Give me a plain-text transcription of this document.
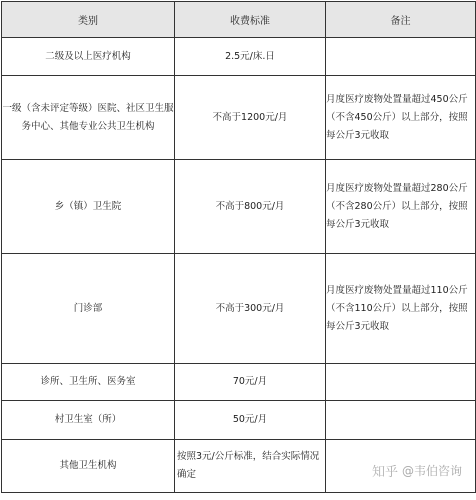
类别	收费标准	备注
二级及以上医疗机构	2.5元/床.日	
一级（含未评定等级）医院、社区卫生服务中心、其他专业公共卫生机构	不高于1200元/月	月度医疗废物处置量超过450公斤（不含450公斤）以上部分，按照每公斤3元收取
乡（镇）卫生院	不高于800元/月	月度医疗废物处置量超过280公斤（不含280公斤）以上部分，按照每公斤3元收取
门诊部	不高于300元/月	月度医疗废物处置量超过110公斤（不含110公斤）以上部分，按照每公斤3元收取
诊所、卫生所、医务室	70元/月	
村卫生室（所）	50元/月	
其他卫生机构	按照3元/公斤标准，结合实际情况确定		知乎 @韦伯咨询
